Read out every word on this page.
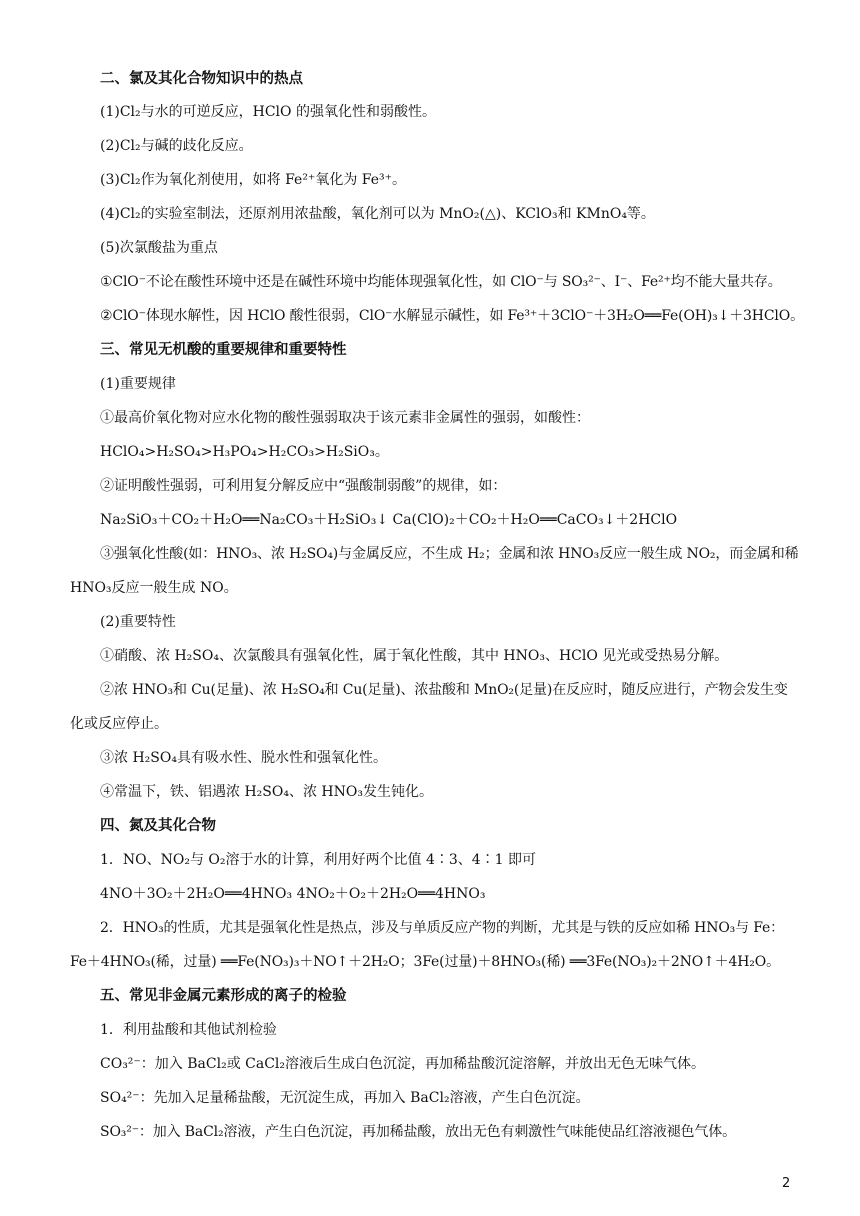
二、氯及其化合物知识中的热点
(1)Cl₂与水的可逆反应，HClO 的强氧化性和弱酸性。
(2)Cl₂与碱的歧化反应。
(3)Cl₂作为氧化剂使用，如将 Fe²⁺氧化为 Fe³⁺。
(4)Cl₂的实验室制法，还原剂用浓盐酸，氧化剂可以为 MnO₂(△)、KClO₃和 KMnO₄等。
(5)次氯酸盐为重点
①ClO⁻不论在酸性环境中还是在碱性环境中均能体现强氧化性，如 ClO⁻与 SO₃²⁻、I⁻、Fe²⁺均不能大量共存。
②ClO⁻体现水解性，因 HClO 酸性很弱，ClO⁻水解显示碱性，如 Fe³⁺＋3ClO⁻＋3H₂O══Fe(OH)₃↓＋3HClO。
三、常见无机酸的重要规律和重要特性
(1)重要规律
①最高价氧化物对应水化物的酸性强弱取决于该元素非金属性的强弱，如酸性：
HClO₄>H₂SO₄>H₃PO₄>H₂CO₃>H₂SiO₃。
②证明酸性强弱，可利用复分解反应中“强酸制弱酸”的规律，如：
Na₂SiO₃＋CO₂＋H₂O══Na₂CO₃＋H₂SiO₃↓ Ca(ClO)₂＋CO₂＋H₂O══CaCO₃↓＋2HClO
③强氧化性酸(如：HNO₃、浓 H₂SO₄)与金属反应，不生成 H₂；金属和浓 HNO₃反应一般生成 NO₂，而金属和稀
HNO₃反应一般生成 NO。
(2)重要特性
①硝酸、浓 H₂SO₄、次氯酸具有强氧化性，属于氧化性酸，其中 HNO₃、HClO 见光或受热易分解。
②浓 HNO₃和 Cu(足量)、浓 H₂SO₄和 Cu(足量)、浓盐酸和 MnO₂(足量)在反应时，随反应进行，产物会发生变
化或反应停止。
③浓 H₂SO₄具有吸水性、脱水性和强氧化性。
④常温下，铁、铝遇浓 H₂SO₄、浓 HNO₃发生钝化。
四、氮及其化合物
1．NO、NO₂与 O₂溶于水的计算，利用好两个比值 4∶3、4∶1 即可
4NO＋3O₂＋2H₂O══4HNO₃ 4NO₂＋O₂＋2H₂O══4HNO₃
2．HNO₃的性质，尤其是强氧化性是热点，涉及与单质反应产物的判断，尤其是与铁的反应如稀 HNO₃与 Fe：
Fe＋4HNO₃(稀，过量) ══Fe(NO₃)₃＋NO↑＋2H₂O；3Fe(过量)＋8HNO₃(稀) ══3Fe(NO₃)₂＋2NO↑＋4H₂O。
五、常见非金属元素形成的离子的检验
1．利用盐酸和其他试剂检验
CO₃²⁻：加入 BaCl₂或 CaCl₂溶液后生成白色沉淀，再加稀盐酸沉淀溶解，并放出无色无味气体。
SO₄²⁻：先加入足量稀盐酸，无沉淀生成，再加入 BaCl₂溶液，产生白色沉淀。
SO₃²⁻：加入 BaCl₂溶液，产生白色沉淀，再加稀盐酸，放出无色有刺激性气味能使品红溶液褪色气体。
2
